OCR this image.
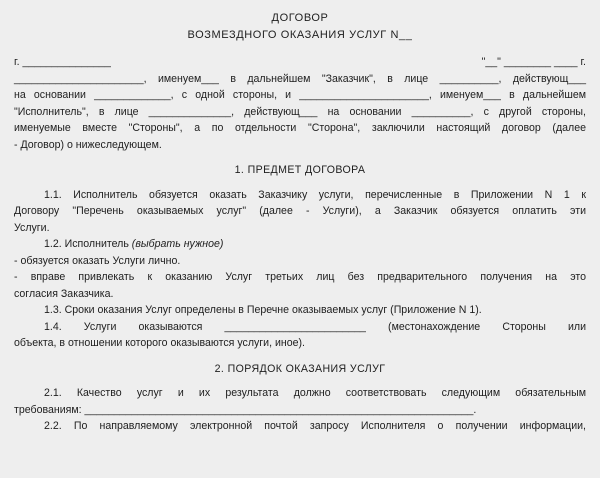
ДОГОВОР
ВОЗМЕЗДНОГО ОКАЗАНИЯ УСЛУГ N__
г. _______________	"__" ________ ____ г.
______________________, именуем___ в дальнейшем "Заказчик", в лице __________, действующ___
на основании _____________, с одной стороны, и ______________________, именуем___ в дальнейшем
"Исполнитель", в лице ______________, действующ___ на основании __________, с другой стороны,
именуемые вместе "Стороны", а по отдельности "Сторона", заключили настоящий договор (далее
- Договор) о нижеследующем.
1. ПРЕДМЕТ ДОГОВОРА
1.1. Исполнитель обязуется оказать Заказчику услуги, перечисленные в Приложении N 1 к
Договору "Перечень оказываемых услуг" (далее - Услуги), а Заказчик обязуется оплатить эти
Услуги.
1.2. Исполнитель (выбрать нужное)
- обязуется оказать Услуги лично.
- вправе привлекать к оказанию Услуг третьих лиц без предварительного получения на это
согласия Заказчика.
1.3. Сроки оказания Услуг определены в Перечне оказываемых услуг (Приложение N 1).
1.4. Услуги оказываются ________________________ (местонахождение Стороны или
объекта, в отношении которого оказываются услуги, иное).
2. ПОРЯДОК ОКАЗАНИЯ УСЛУГ
2.1. Качество услуг и их результата должно соответствовать следующим обязательным
требованиям: __________________________________________________________________.
2.2. По направляемому электронной почтой запросу Исполнителя о получении информации,
